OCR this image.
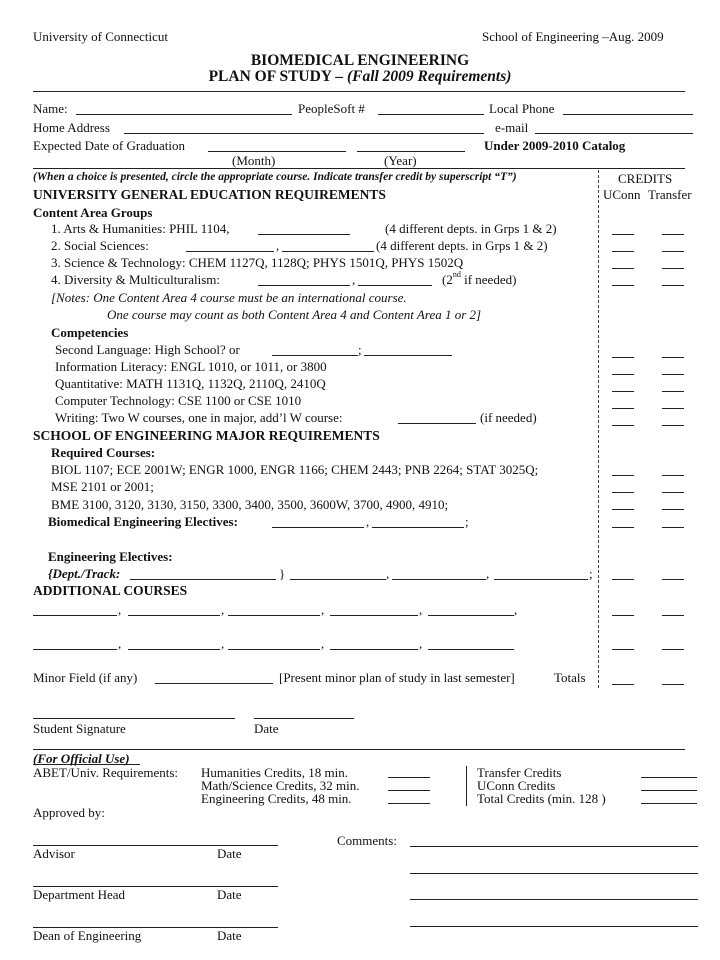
University of Connecticut	School of Engineering –Aug. 2009
BIOMEDICAL ENGINEERING
PLAN OF STUDY – (Fall 2009 Requirements)
Name:	PeopleSoft #	Local Phone
Home Address	e-mail
Expected Date of Graduation	Under 2009-2010 Catalog
(Month)	(Year)
(When a choice is presented, circle the appropriate course. Indicate transfer credit by superscript “T”)	CREDITS
UConn Transfer
UNIVERSITY GENERAL EDUCATION REQUIREMENTS
Content Area Groups
1. Arts & Humanities: PHIL 1104,	(4 different depts. in Grps 1 & 2)
2. Social Sciences:	,	(4 different depts. in Grps 1 & 2)
3. Science & Technology: CHEM 1127Q, 1128Q; PHYS 1501Q, PHYS 1502Q
4. Diversity & Multiculturalism:	,	(2nd if needed)
[Notes: One Content Area 4 course must be an international course.
One course may count as both Content Area 4 and Content Area 1 or 2]
Competencies
Second Language: High School? or	;
Information Literacy: ENGL 1010, or 1011, or 3800
Quantitative: MATH 1131Q, 1132Q, 2110Q, 2410Q
Computer Technology: CSE 1100 or CSE 1010
Writing: Two W courses, one in major, add’l W course:	(if needed)
SCHOOL OF ENGINEERING MAJOR REQUIREMENTS
Required Courses:
BIOL 1107; ECE 2001W; ENGR 1000, ENGR 1166; CHEM 2443; PNB 2264; STAT 3025Q;
MSE 2101 or 2001;
BME 3100, 3120, 3130, 3150, 3300, 3400, 3500, 3600W, 3700, 4900, 4910;
Biomedical Engineering Electives:	,	;
Engineering Electives:
{Dept./Track:	}	,	,	;
ADDITIONAL COURSES
,	,	,	,	,
,	,	,	,
Minor Field (if any)	[Present minor plan of study in last semester]	Totals
Student Signature	Date
(For Official Use)
ABET/Univ. Requirements: Humanities Credits, 18 min.
Math/Science Credits, 32 min.
Engineering Credits, 48 min.
Transfer Credits
UConn Credits
Total Credits (min. 128 )
Approved by:
Comments:
Advisor	Date
Department Head	Date
Dean of Engineering	Date
